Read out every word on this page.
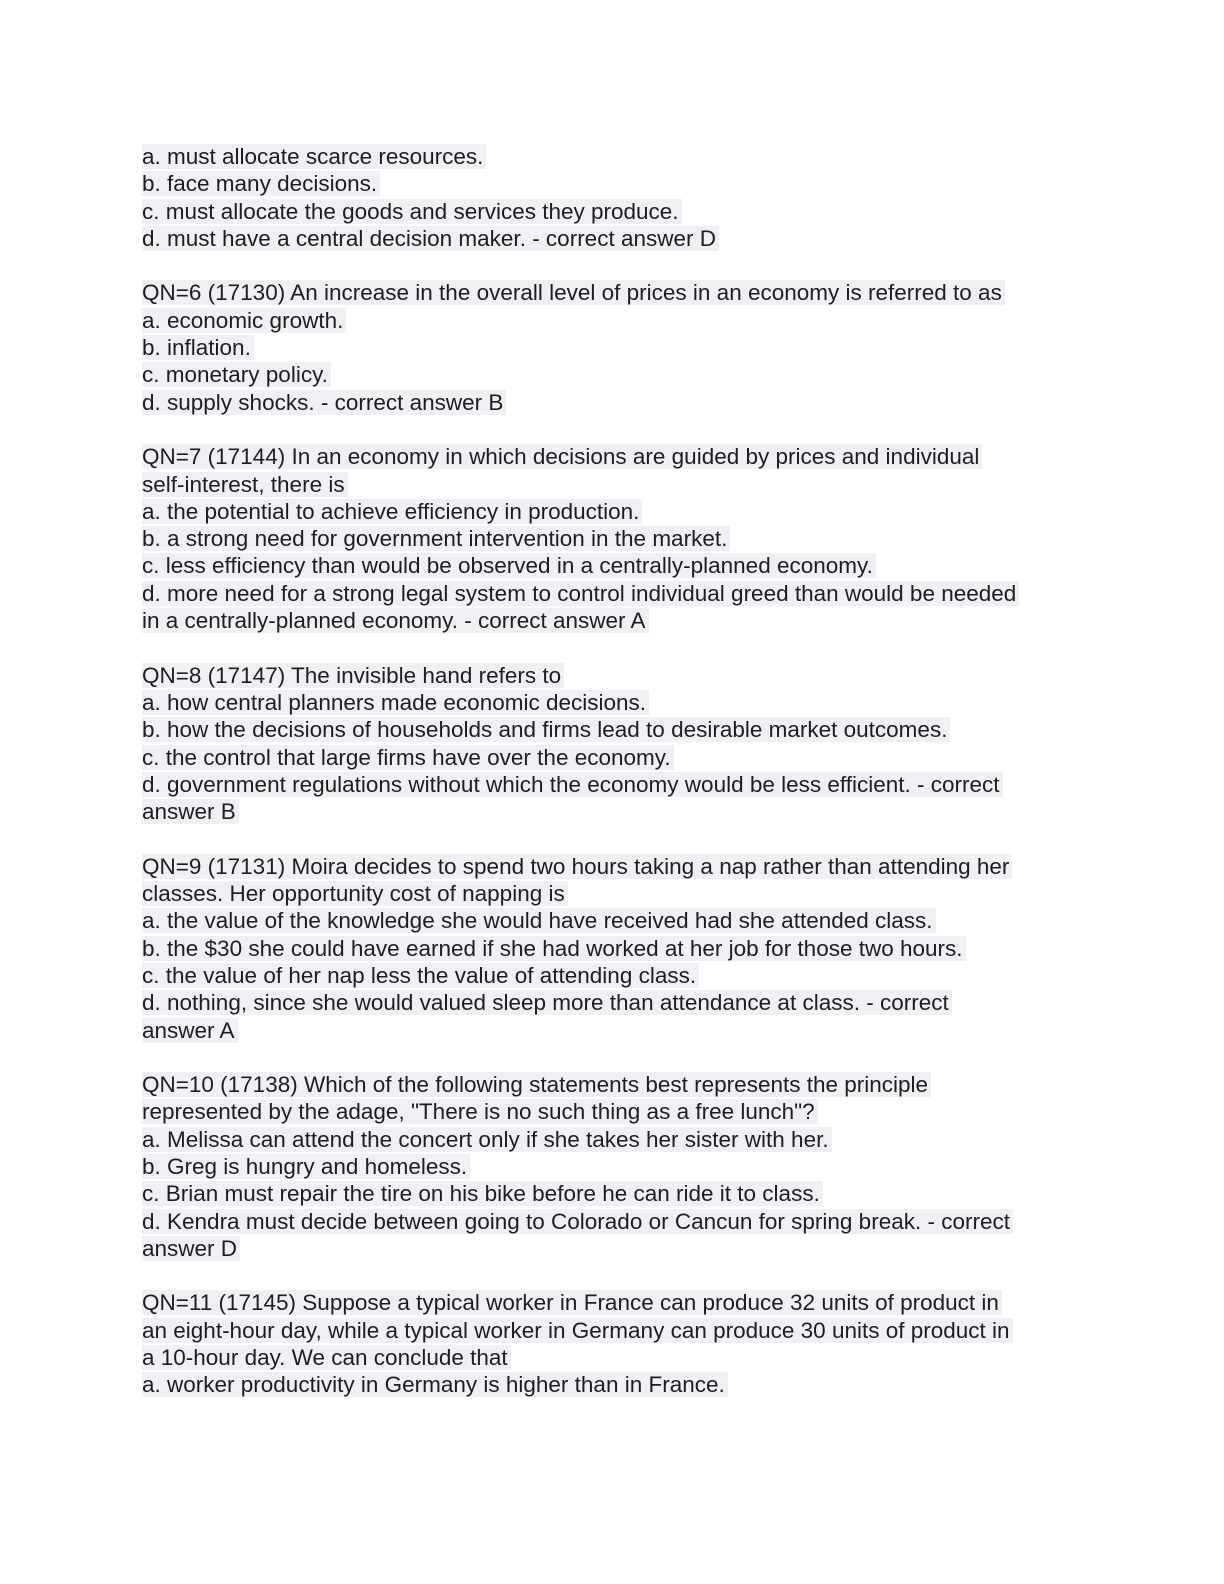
a. must allocate scarce resources.
b. face many decisions.
c. must allocate the goods and services they produce.
d. must have a central decision maker. - correct answer D
QN=6 (17130) An increase in the overall level of prices in an economy is referred to as
a. economic growth.
b. inflation.
c. monetary policy.
d. supply shocks. - correct answer B
QN=7 (17144) In an economy in which decisions are guided by prices and individual
self-interest, there is
a. the potential to achieve efficiency in production.
b. a strong need for government intervention in the market.
c. less efficiency than would be observed in a centrally-planned economy.
d. more need for a strong legal system to control individual greed than would be needed
in a centrally-planned economy. - correct answer A
QN=8 (17147) The invisible hand refers to
a. how central planners made economic decisions.
b. how the decisions of households and firms lead to desirable market outcomes.
c. the control that large firms have over the economy.
d. government regulations without which the economy would be less efficient. - correct
answer B
QN=9 (17131) Moira decides to spend two hours taking a nap rather than attending her
classes. Her opportunity cost of napping is
a. the value of the knowledge she would have received had she attended class.
b. the $30 she could have earned if she had worked at her job for those two hours.
c. the value of her nap less the value of attending class.
d. nothing, since she would valued sleep more than attendance at class. - correct
answer A
QN=10 (17138) Which of the following statements best represents the principle
represented by the adage, "There is no such thing as a free lunch"?
a. Melissa can attend the concert only if she takes her sister with her.
b. Greg is hungry and homeless.
c. Brian must repair the tire on his bike before he can ride it to class.
d. Kendra must decide between going to Colorado or Cancun for spring break. - correct
answer D
QN=11 (17145) Suppose a typical worker in France can produce 32 units of product in
an eight-hour day, while a typical worker in Germany can produce 30 units of product in
a 10-hour day. We can conclude that
a. worker productivity in Germany is higher than in France.
